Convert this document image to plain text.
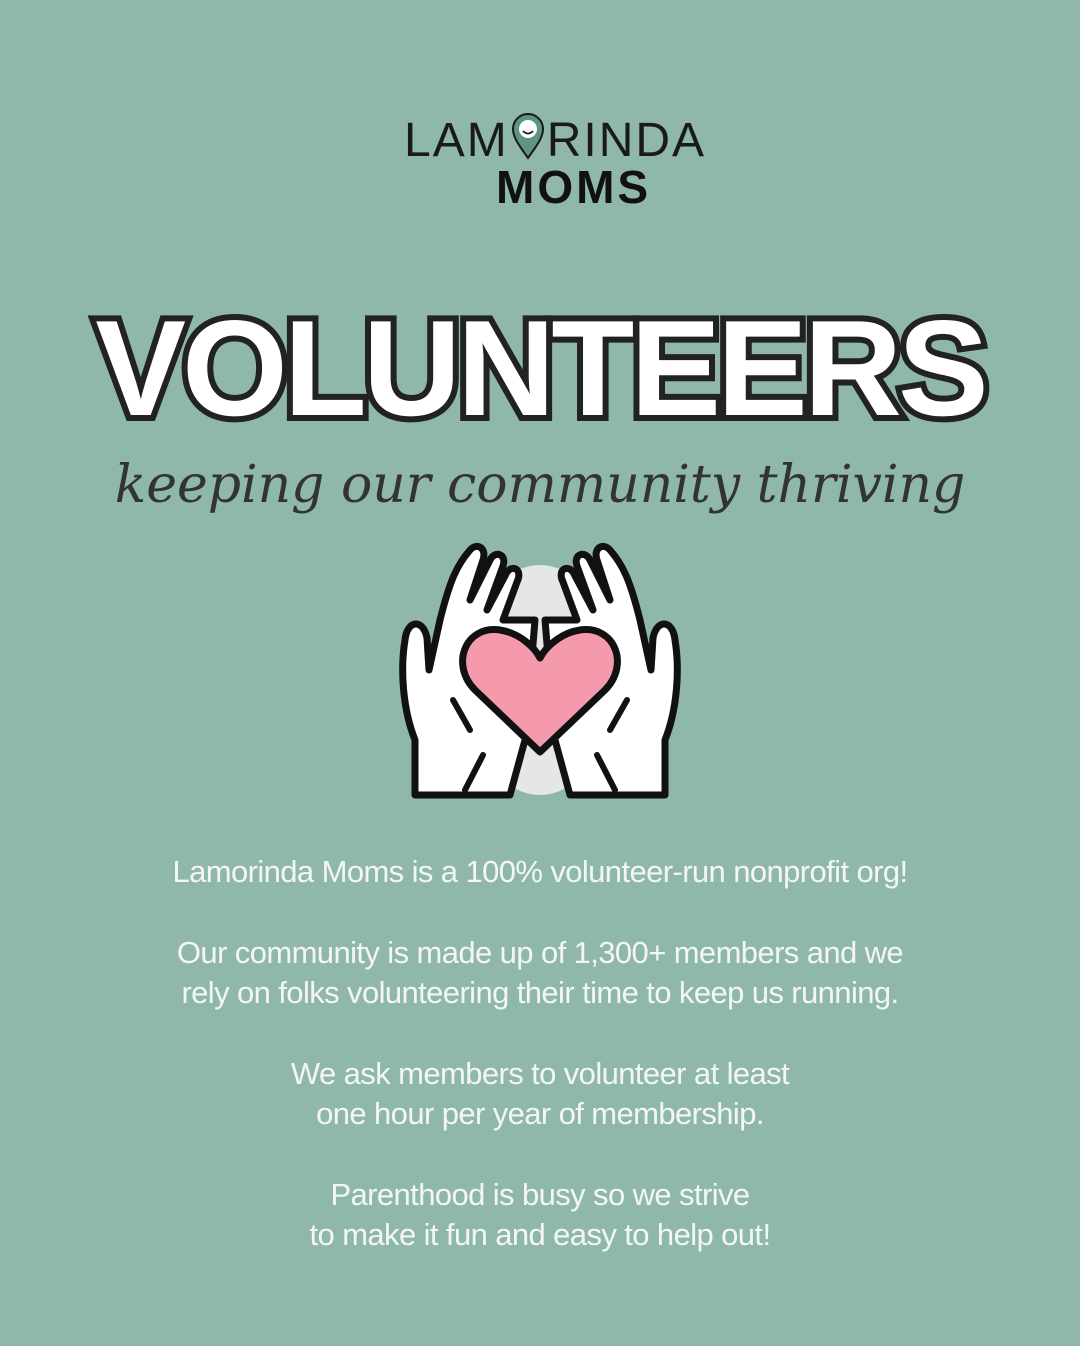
LAM RINDA
MOMS
VOLUNTEERS
keeping our community thriving

Lamorinda Moms is a 100% volunteer-run nonprofit org!

Our community is made up of 1,300+ members and we
rely on folks volunteering their time to keep us running.

We ask members to volunteer at least
one hour per year of membership.

Parenthood is busy so we strive
to make it fun and easy to help out!
